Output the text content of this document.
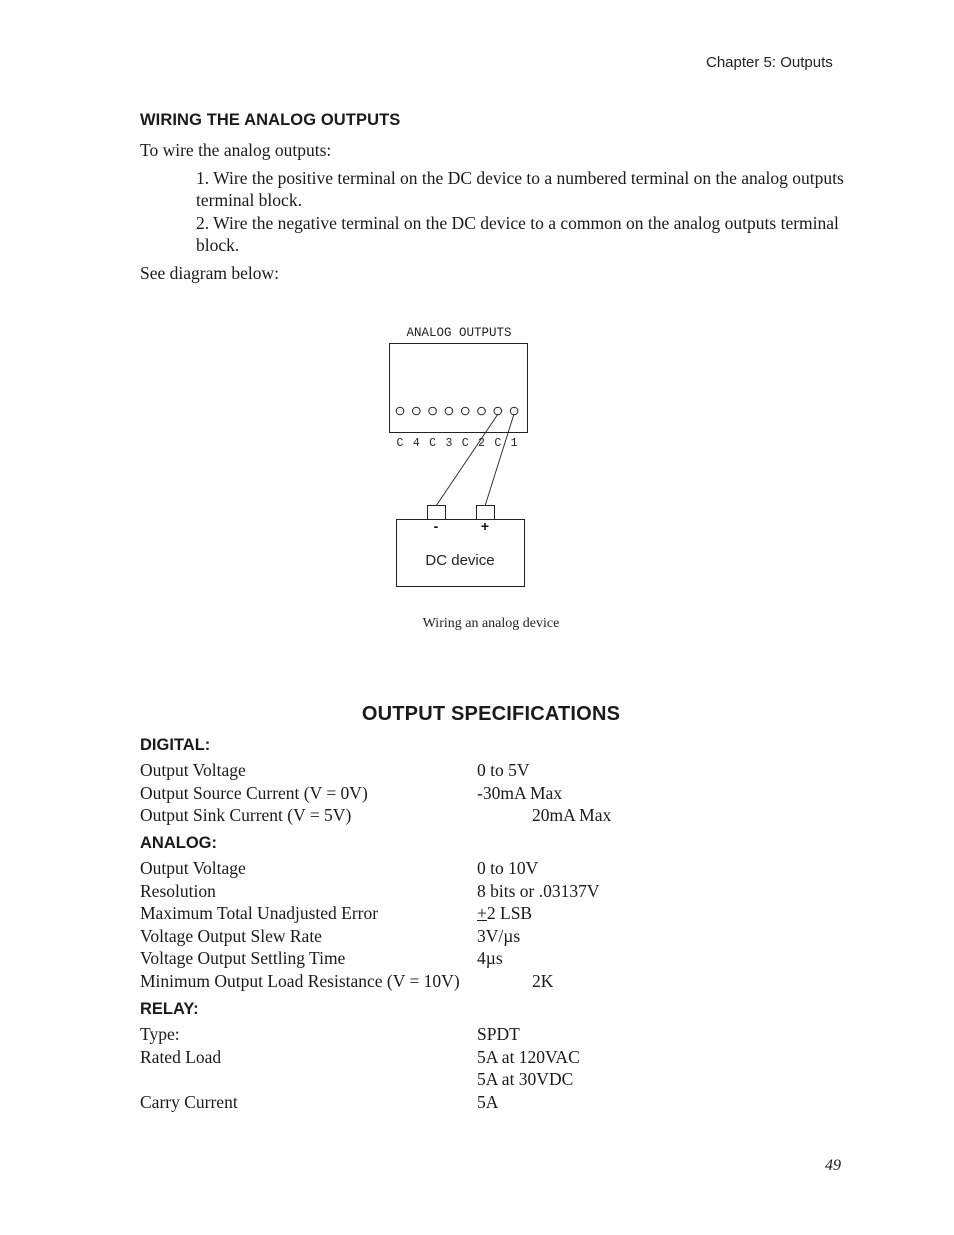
Chapter 5: Outputs
WIRING THE ANALOG OUTPUTS
To wire the analog outputs:
1. Wire the positive terminal on the DC device to a numbered terminal on the analog outputs terminal block.
2. Wire the negative terminal on the DC device to a common on the analog outputs terminal block.
See diagram below:
ANALOG OUTPUTS
C 4 C 3 C 2 C 1
-	+
DC device
Wiring an analog device
OUTPUT SPECIFICATIONS
DIGITAL:
Output Voltage	0 to 5V
Output Source Current (V = 0V)	-30mA Max
Output Sink Current (V = 5V)	20mA Max
ANALOG:
Output Voltage	0 to 10V
Resolution	8 bits or .03137V
Maximum Total Unadjusted Error	+2 LSB
Voltage Output Slew Rate	3V/µs
Voltage Output Settling Time	4µs
Minimum Output Load Resistance (V = 10V)	2K
RELAY:
Type:	SPDT
Rated Load	5A at 120VAC
5A at 30VDC
Carry Current	5A
49
